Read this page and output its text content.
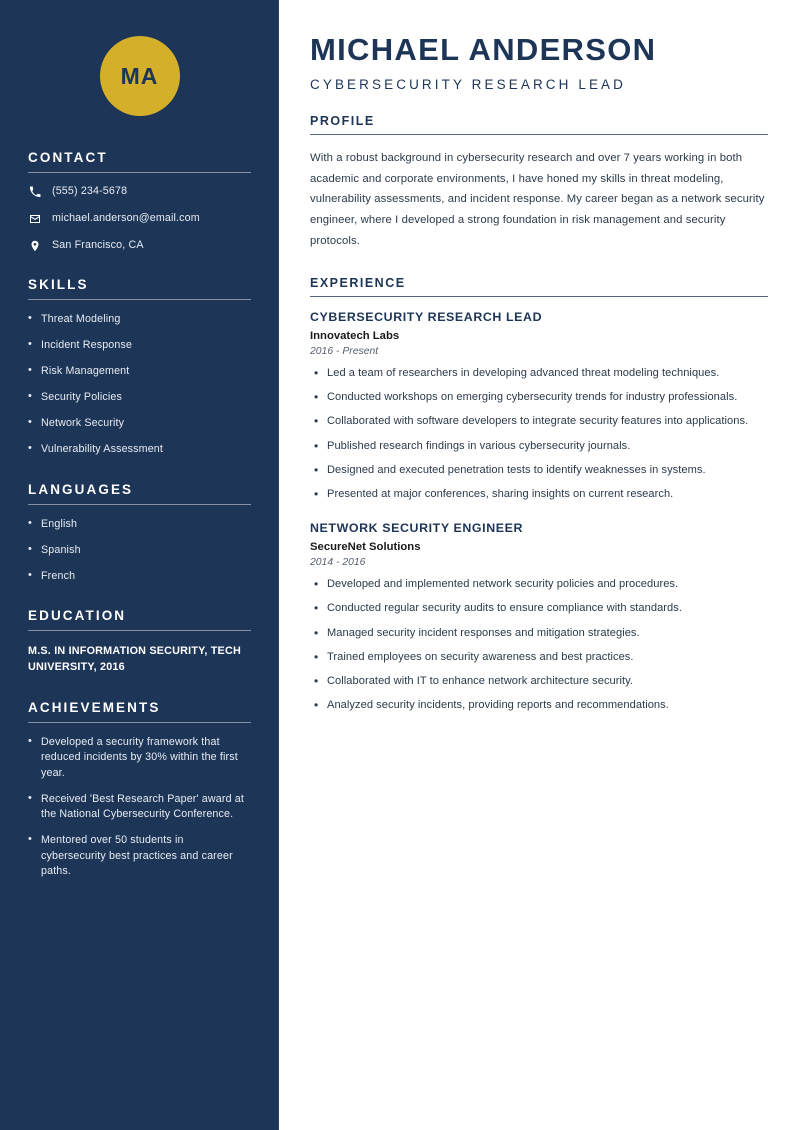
MA
CONTACT
(555) 234-5678
michael.anderson@email.com
San Francisco, CA
SKILLS
• Threat Modeling
• Incident Response
• Risk Management
• Security Policies
• Network Security
• Vulnerability Assessment
LANGUAGES
• English
• Spanish
• French
EDUCATION
M.S. IN INFORMATION SECURITY, TECH UNIVERSITY, 2016
ACHIEVEMENTS
• Developed a security framework that reduced incidents by 30% within the first year.
• Received 'Best Research Paper' award at the National Cybersecurity Conference.
• Mentored over 50 students in cybersecurity best practices and career paths.
MICHAEL ANDERSON
CYBERSECURITY RESEARCH LEAD
PROFILE

With a robust background in cybersecurity research and over 7 years working in both academic and corporate environments, I have honed my skills in threat modeling, vulnerability assessments, and incident response. My career began as a network security engineer, where I developed a strong foundation in risk management and security protocols.

EXPERIENCE
CYBERSECURITY RESEARCH LEAD
Innovatech Labs
2016 - Present
• Led a team of researchers in developing advanced threat modeling techniques.
• Conducted workshops on emerging cybersecurity trends for industry professionals.
• Collaborated with software developers to integrate security features into applications.
• Published research findings in various cybersecurity journals.
• Designed and executed penetration tests to identify weaknesses in systems.
• Presented at major conferences, sharing insights on current research.
NETWORK SECURITY ENGINEER
SecureNet Solutions
2014 - 2016
• Developed and implemented network security policies and procedures.
• Conducted regular security audits to ensure compliance with standards.
• Managed security incident responses and mitigation strategies.
• Trained employees on security awareness and best practices.
• Collaborated with IT to enhance network architecture security.
• Analyzed security incidents, providing reports and recommendations.
